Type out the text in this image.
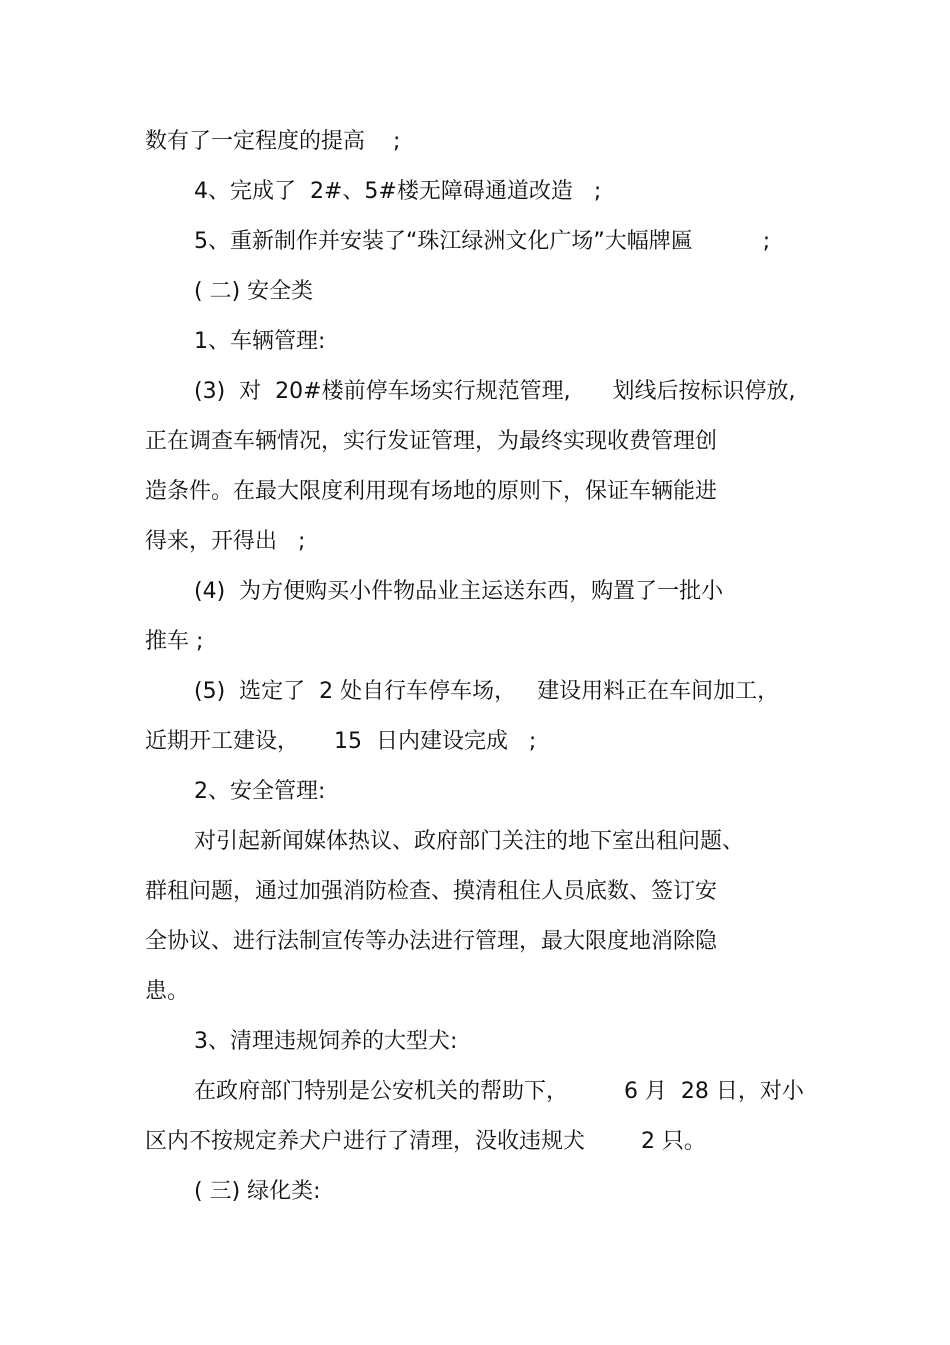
数有了一定程度的提高    ;
4、完成了  2#、5#楼无障碍通道改造   ;
5、重新制作并安装了“珠江绿洲文化广场”大幅牌匾          ;
( 二) 安全类
1、车辆管理:
(3)  对  20#楼前停车场实行规范管理,      划线后按标识停放,
正在调查车辆情况，实行发证管理，为最终实现收费管理创
造条件。在最大限度利用现有场地的原则下，保证车辆能进
得来，开得出   ;
(4)  为方便购买小件物品业主运送东西，购置了一批小
推车 ;
(5)  选定了  2 处自行车停车场，   建设用料正在车间加工，
近期开工建设，     15  日内建设完成   ;
2、安全管理:
对引起新闻媒体热议、政府部门关注的地下室出租问题、
群租问题，通过加强消防检查、摸清租住人员底数、签订安
全协议、进行法制宣传等办法进行管理，最大限度地消除隐
患。
3、清理违规饲养的大型犬:
在政府部门特别是公安机关的帮助下，        6 月  28 日，对小
区内不按规定养犬户进行了清理，没收违规犬        2 只。
( 三) 绿化类:
